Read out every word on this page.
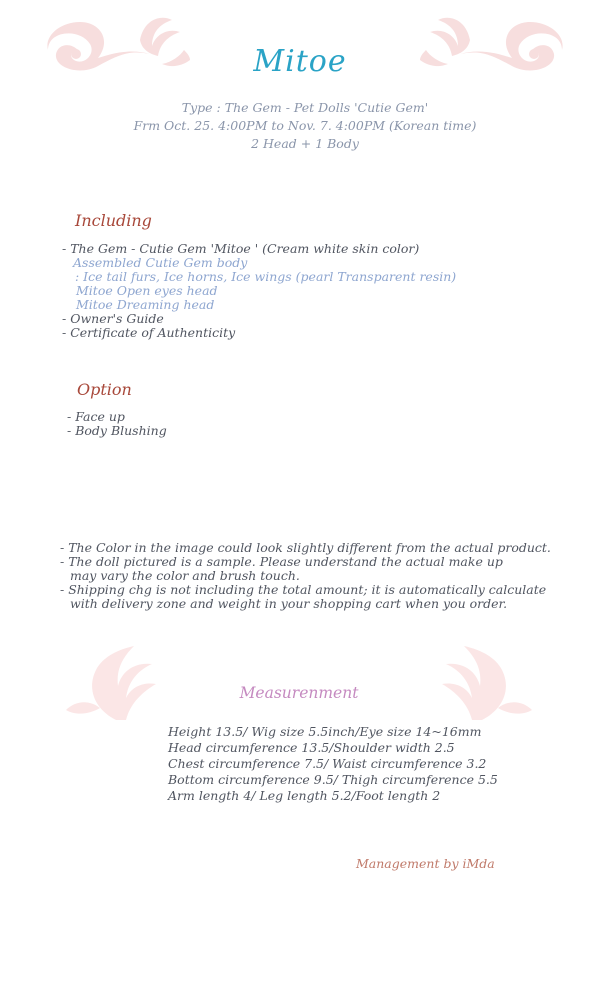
Mitoe
Type : The Gem - Pet Dolls 'Cutie Gem'
Frm Oct. 25. 4:00PM to Nov. 7. 4:00PM (Korean time)
2 Head + 1 Body
Including
- The Gem - Cutie Gem 'Mitoe ' (Cream white skin color)
Assembled Cutie Gem body
: Ice tail furs, Ice horns, Ice wings (pearl Transparent resin)
Mitoe Open eyes head
Mitoe Dreaming head
- Owner's Guide
- Certificate of Authenticity
Option
- Face up
- Body Blushing
- The Color in the image could look slightly different from the actual product.
- The doll pictured is a sample. Please understand the actual make up
may vary the color and brush touch.
- Shipping chg is not including the total amount; it is automatically calculate
with delivery zone and weight in your shopping cart when you order.
Measurenment
Height 13.5/ Wig size 5.5inch/Eye size 14~16mm
Head circumference 13.5/Shoulder width 2.5
Chest circumference 7.5/ Waist circumference 3.2
Bottom circumference 9.5/ Thigh circumference 5.5
Arm length 4/ Leg length 5.2/Foot length 2
Management by iMda
